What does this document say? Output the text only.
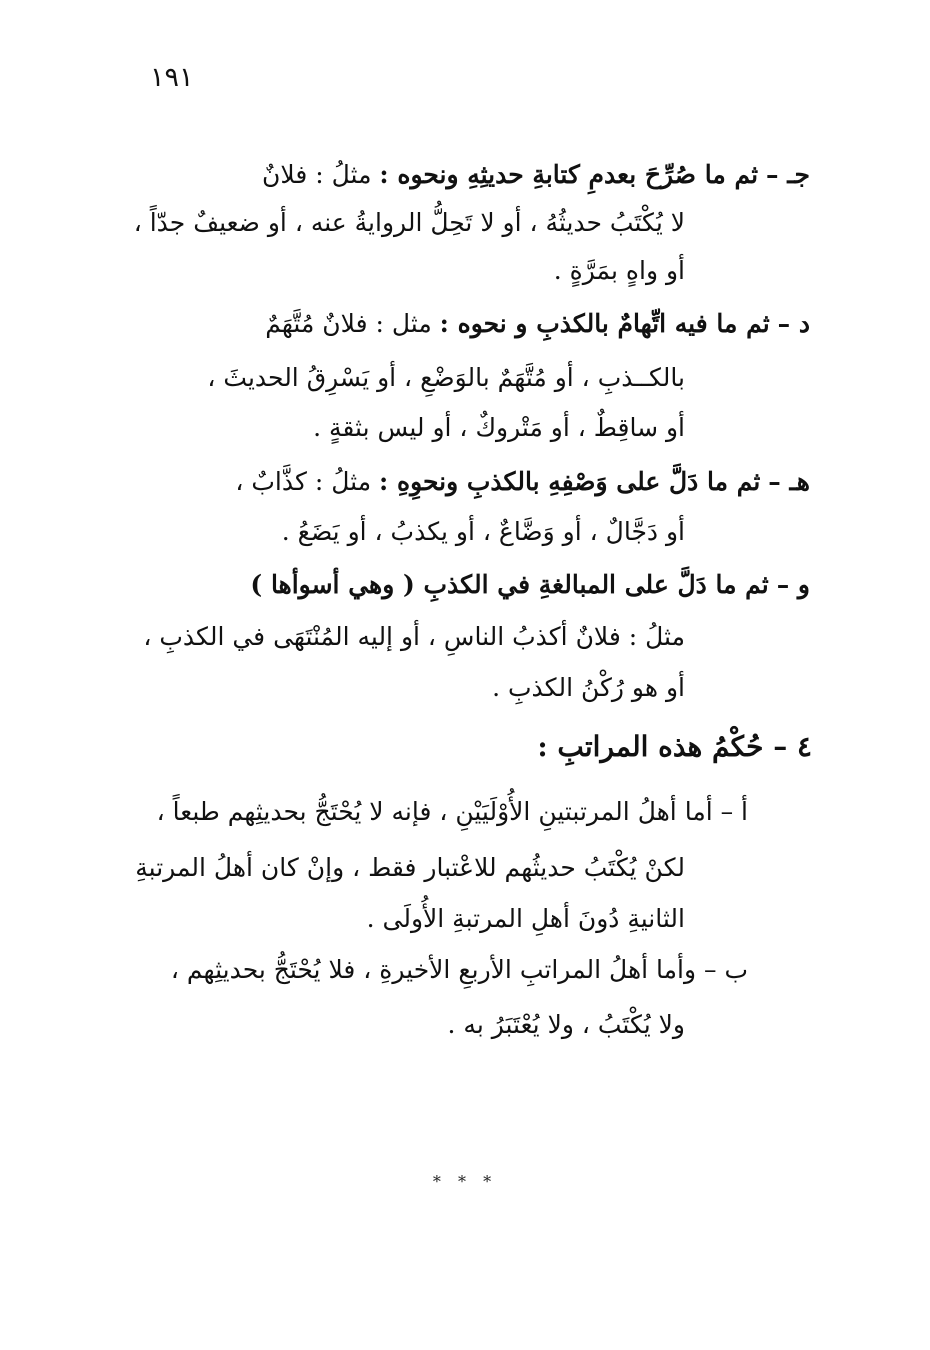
١٩١
جـ – ثم ما صُرِّحَ بعدمِ كتابةِ حديثِهِ ونحوه : مثلُ : فلانٌ
لا يُكْتَبُ حديثُهُ ، أو لا تَحِلُّ الروايةُ عنه ، أو ضعيفٌ جدّاً ،
أو واهٍ بمَرَّةٍ .
د – ثم ما فيه اتِّهامٌ بالكذبِ و نحوه : مثل : فلانٌ مُتَّهَمٌ
بالكــذبِ ، أو مُتَّهَمٌ بالوَضْعِ ، أو يَسْرِقُ الحديثَ ،
أو ساقِطٌ ، أو مَتْروكٌ ، أو ليس بثقةٍ .
هـ – ثم ما دَلَّ على وَصْفِهِ بالكذبِ ونحوِهِ : مثلُ : كذَّابٌ ،
أو دَجَّالٌ ، أو وَضَّاعٌ ، أو يكذبُ ، أو يَضَعُ .
و – ثم ما دَلَّ على المبالغةِ في الكذبِ ( وهي أسوأها )
مثلُ : فلانٌ أكذبُ الناسِ ، أو إليه المُنْتَهَى في الكذبِ ،
أو هو رُكْنُ الكذبِ .
٤ – حُكْمُ هذه المراتبِ :
أ – أما أهلُ المرتبتينِ الأُوْلَيَيْنِ ، فإنه لا يُحْتَجُّ بحديثِهم طبعاً ،
لكنْ يُكْتَبُ حديثُهم للاعْتبار فقط ، وإنْ كان أهلُ المرتبةِ
الثانيةِ دُونَ أهلِ المرتبةِ الأُولَى .
ب – وأما أهلُ المراتبِ الأربعِ الأخيرةِ ، فلا يُحْتَجُّ بحديثِهم ،
ولا يُكْتَبُ ، ولا يُعْتَبَرُ به .
* * *
